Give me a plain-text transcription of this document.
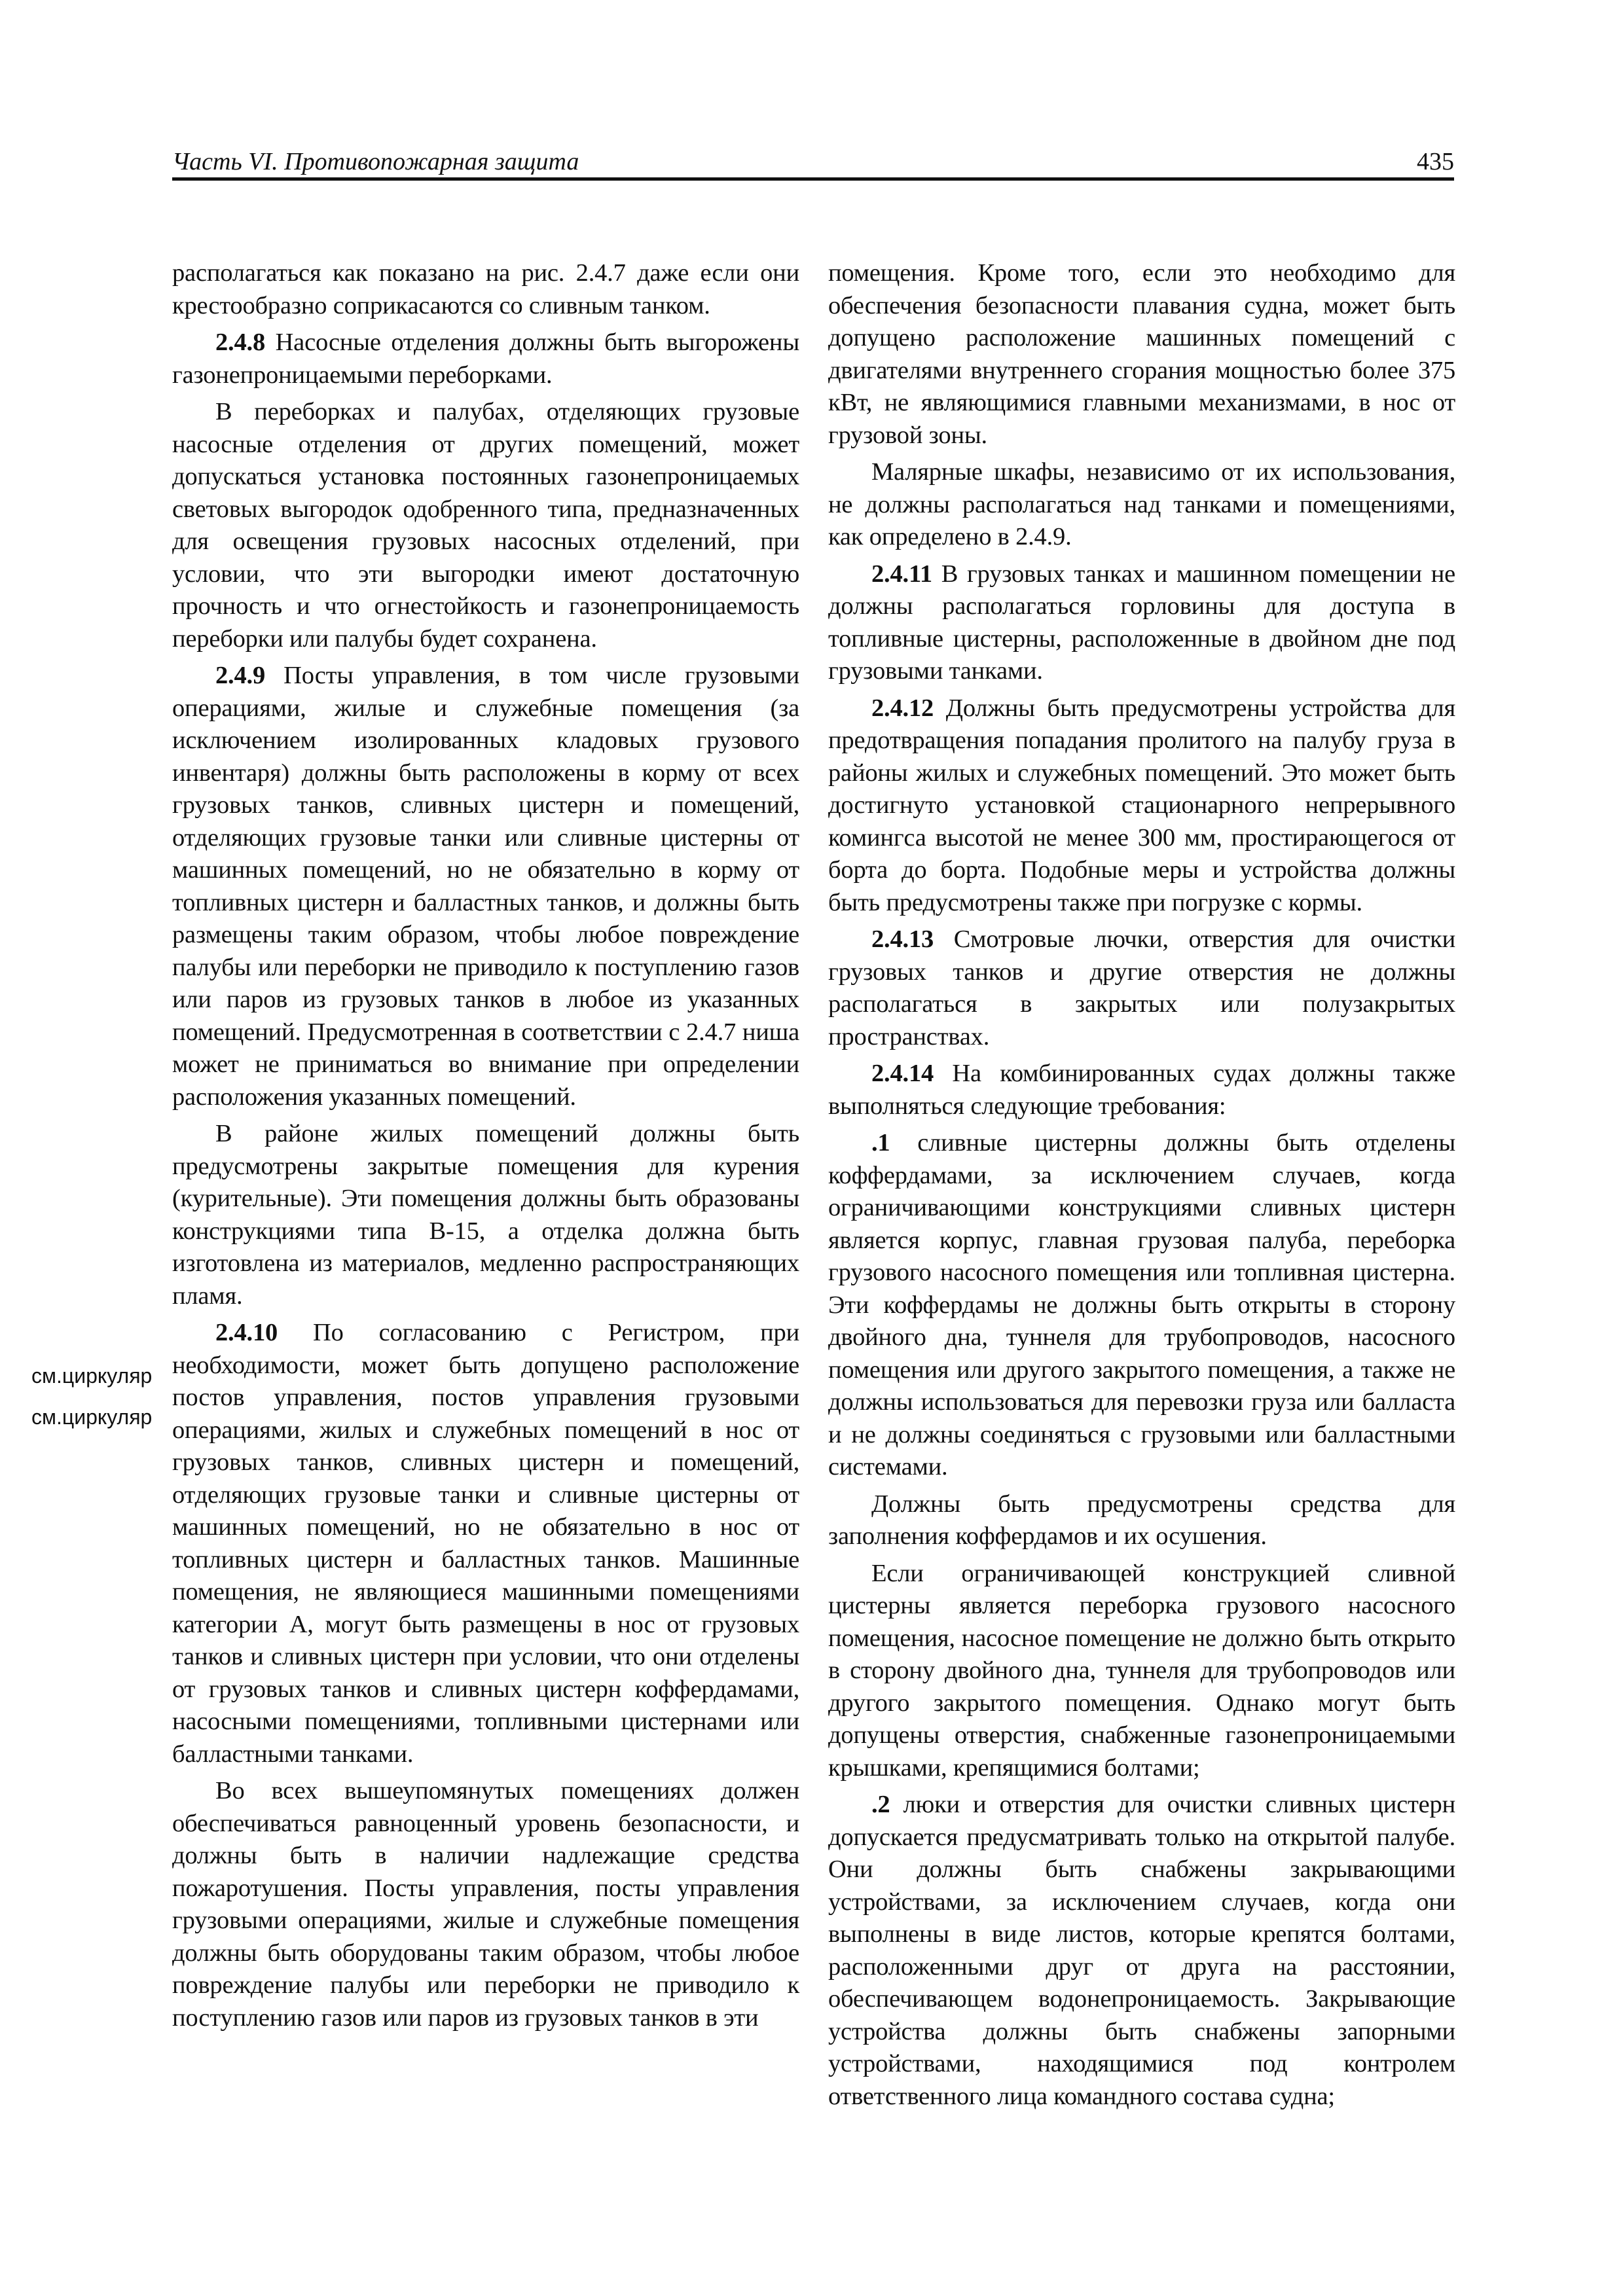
Часть VI. Противопожарная защита	435
см.циркуляр
см.циркуляр

располагаться как показано на рис. 2.4.7 даже если они крестообразно соприкасаются со сливным танком.

2.4.8 Насосные отделения должны быть выгорожены газонепроницаемыми переборками.

В переборках и палубах, отделяющих грузовые насосные отделения от других помещений, может допускаться установка постоянных газонепроницаемых световых выгородок одобренного типа, предназначенных для освещения грузовых насосных отделений, при условии, что эти выгородки имеют достаточную прочность и что огнестойкость и газонепроницаемость переборки или палубы будет сохранена.

2.4.9 Посты управления, в том числе грузовыми операциями, жилые и служебные помещения (за исключением изолированных кладовых грузового инвентаря) должны быть расположены в корму от всех грузовых танков, сливных цистерн и помещений, отделяющих грузовые танки или сливные цистерны от машинных помещений, но не обязательно в корму от топливных цистерн и балластных танков, и должны быть размещены таким образом, чтобы любое повреждение палубы или переборки не приводило к поступлению газов или паров из грузовых танков в любое из указанных помещений. Предусмотренная в соответствии с 2.4.7 ниша может не приниматься во внимание при определении расположения указанных помещений.

В районе жилых помещений должны быть предусмотрены закрытые помещения для курения (курительные). Эти помещения должны быть образованы конструкциями типа В-15, а отделка должна быть изготовлена из материалов, медленно распространяющих пламя.

2.4.10 По согласованию с Регистром, при необходимости, может быть допущено расположение постов управления, постов управления грузовыми операциями, жилых и служебных помещений в нос от грузовых танков, сливных цистерн и помещений, отделяющих грузовые танки и сливные цистерны от машинных помещений, но не обязательно в нос от топливных цистерн и балластных танков. Машинные помещения, не являющиеся машинными помещениями категории А, могут быть размещены в нос от грузовых танков и сливных цистерн при условии, что они отделены от грузовых танков и сливных цистерн коффердамами, насосными помещениями, топливными цистернами или балластными танками.

Во всех вышеупомянутых помещениях должен обеспечиваться равноценный уровень безопасности, и должны быть в наличии надлежащие средства пожаротушения. Посты управления, посты управления грузовыми операциями, жилые и служебные помещения должны быть оборудованы таким образом, чтобы любое повреждение палубы или переборки не приводило к поступлению газов или паров из грузовых танков в эти

помещения. Кроме того, если это необходимо для обеспечения безопасности плавания судна, может быть допущено расположение машинных помещений с двигателями внутреннего сгорания мощностью более 375 кВт, не являющимися главными механизмами, в нос от грузовой зоны.

Малярные шкафы, независимо от их использования, не должны располагаться над танками и помещениями, как определено в 2.4.9.

2.4.11 В грузовых танках и машинном помещении не должны располагаться горловины для доступа в топливные цистерны, расположенные в двойном дне под грузовыми танками.

2.4.12 Должны быть предусмотрены устройства для предотвращения попадания пролитого на палубу груза в районы жилых и служебных помещений. Это может быть достигнуто установкой стационарного непрерывного комингса высотой не менее 300 мм, простирающегося от борта до борта. Подобные меры и устройства должны быть предусмотрены также при погрузке с кормы.

2.4.13 Смотровые лючки, отверстия для очистки грузовых танков и другие отверстия не должны располагаться в закрытых или полузакрытых пространствах.

2.4.14 На комбинированных судах должны также выполняться следующие требования:

.1 сливные цистерны должны быть отделены коффердамами, за исключением случаев, когда ограничивающими конструкциями сливных цистерн является корпус, главная грузовая палуба, переборка грузового насосного помещения или топливная цистерна. Эти коффердамы не должны быть открыты в сторону двойного дна, туннеля для трубопроводов, насосного помещения или другого закрытого помещения, а также не должны использоваться для перевозки груза или балласта и не должны соединяться с грузовыми или балластными системами.

Должны быть предусмотрены средства для заполнения коффердамов и их осушения.

Если ограничивающей конструкцией сливной цистерны является переборка грузового насосного помещения, насосное помещение не должно быть открыто в сторону двойного дна, туннеля для трубопроводов или другого закрытого помещения. Однако могут быть допущены отверстия, снабженные газонепроницаемыми крышками, крепящимися болтами;

.2 люки и отверстия для очистки сливных цистерн допускается предусматривать только на открытой палубе. Они должны быть снабжены закрывающими устройствами, за исключением случаев, когда они выполнены в виде листов, которые крепятся болтами, расположенными друг от друга на расстоянии, обеспечивающем водонепроницаемость. Закрывающие устройства должны быть снабжены запорными устройствами, находящимися под контролем ответственного лица командного состава судна;
